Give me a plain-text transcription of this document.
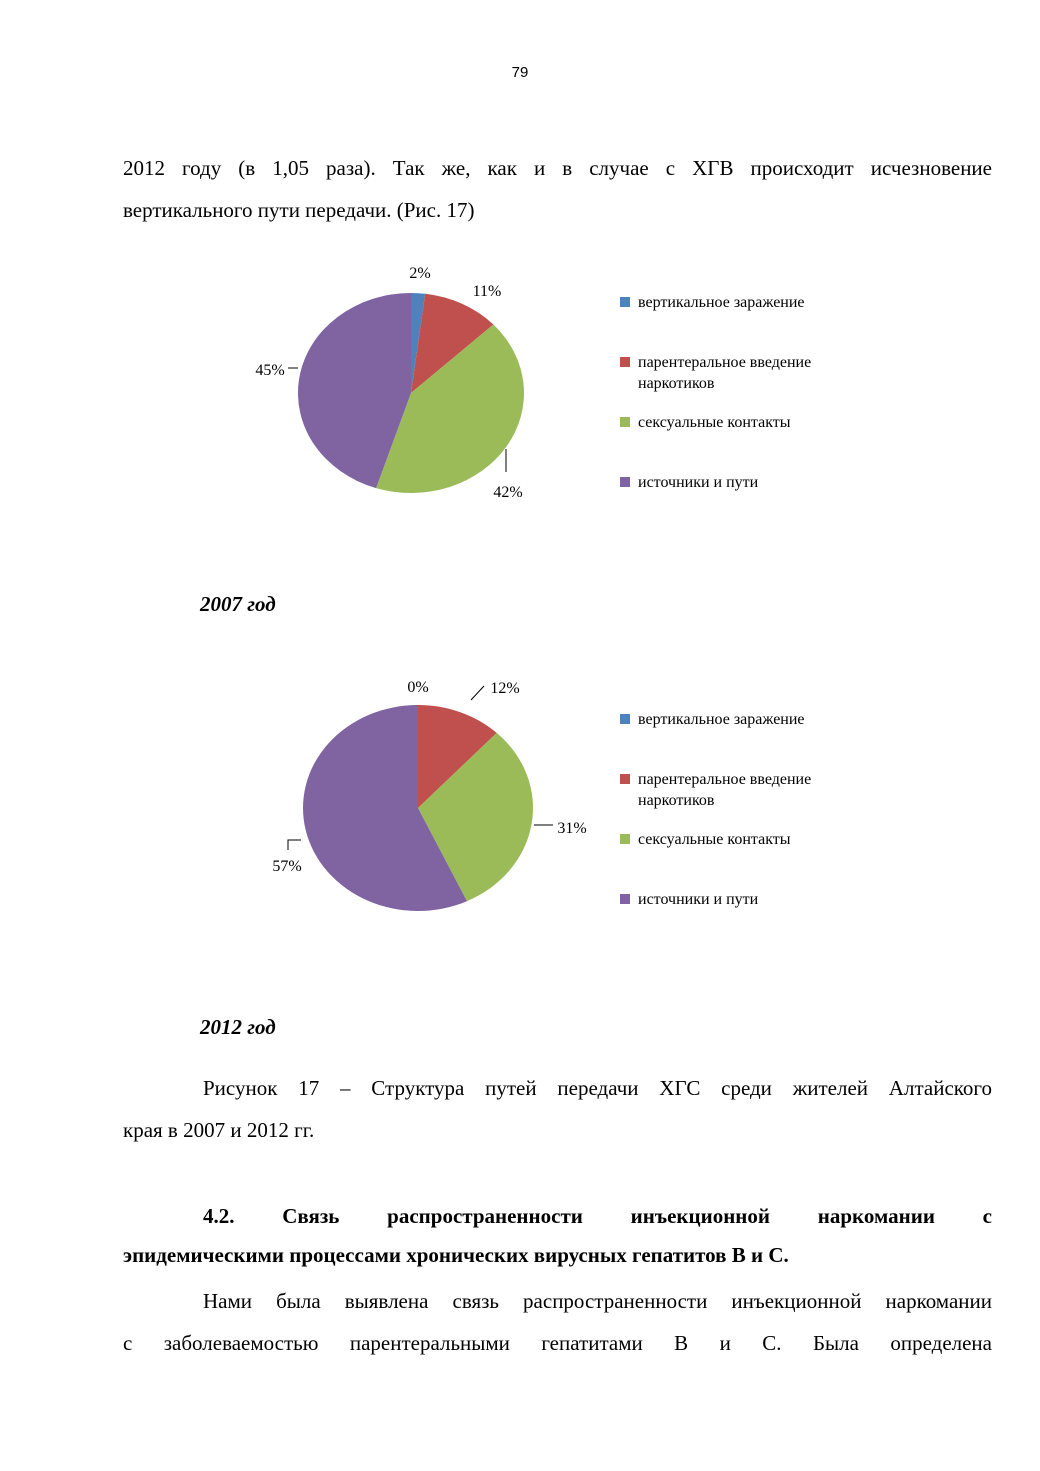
79

2012 году (в 1,05 раза). Так же, как и в случае с ХГВ происходит исчезновение

вертикального пути передачи. (Рис. 17)

2%
11%
42%
45%
вертикальное заражение
парентеральное введение наркотиков
сексуальные контакты
источники и пути
2007 год
0%	12%
31%
57%
вертикальное заражение
парентеральное введение наркотиков
сексуальные контакты
источники и пути
2012 год

Рисунок 17 – Структура путей передачи ХГС среди жителей Алтайского

края в 2007 и 2012 гг.

4.2. Связь распространенности инъекционной наркомании с

эпидемическими процессами хронических вирусных гепатитов В и С.

Нами была выявлена связь распространенности инъекционной наркомании

с заболеваемостью парентеральными гепатитами В и С. Была определена
